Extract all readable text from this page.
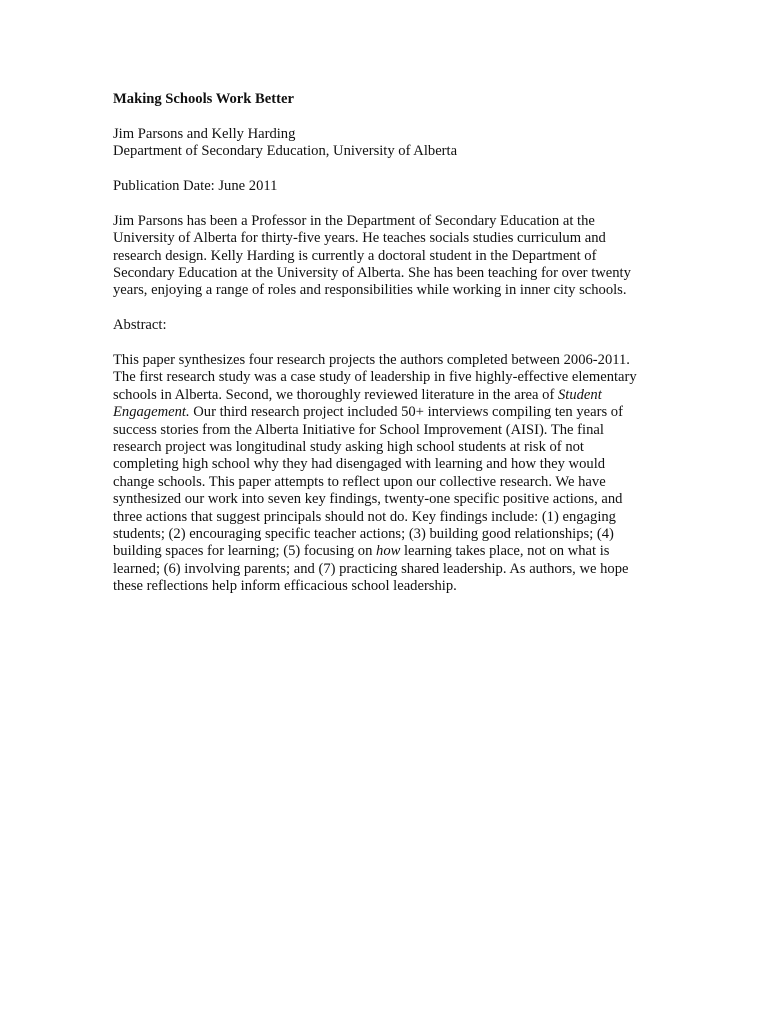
Making Schools Work Better
Jim Parsons and Kelly Harding
Department of Secondary Education, University of Alberta
Publication Date: June 2011
Jim Parsons has been a Professor in the Department of Secondary Education at the
University of Alberta for thirty-five years. He teaches socials studies curriculum and
research design. Kelly Harding is currently a doctoral student in the Department of
Secondary Education at the University of Alberta. She has been teaching for over twenty
years, enjoying a range of roles and responsibilities while working in inner city schools.
Abstract:
This paper synthesizes four research projects the authors completed between 2006-2011.
The first research study was a case study of leadership in five highly-effective elementary
schools in Alberta. Second, we thoroughly reviewed literature in the area of Student
Engagement. Our third research project included 50+ interviews compiling ten years of
success stories from the Alberta Initiative for School Improvement (AISI). The final
research project was longitudinal study asking high school students at risk of not
completing high school why they had disengaged with learning and how they would
change schools. This paper attempts to reflect upon our collective research. We have
synthesized our work into seven key findings, twenty-one specific positive actions, and
three actions that suggest principals should not do. Key findings include: (1) engaging
students; (2) encouraging specific teacher actions; (3) building good relationships; (4)
building spaces for learning; (5) focusing on how learning takes place, not on what is
learned; (6) involving parents; and (7) practicing shared leadership. As authors, we hope
these reflections help inform efficacious school leadership.
